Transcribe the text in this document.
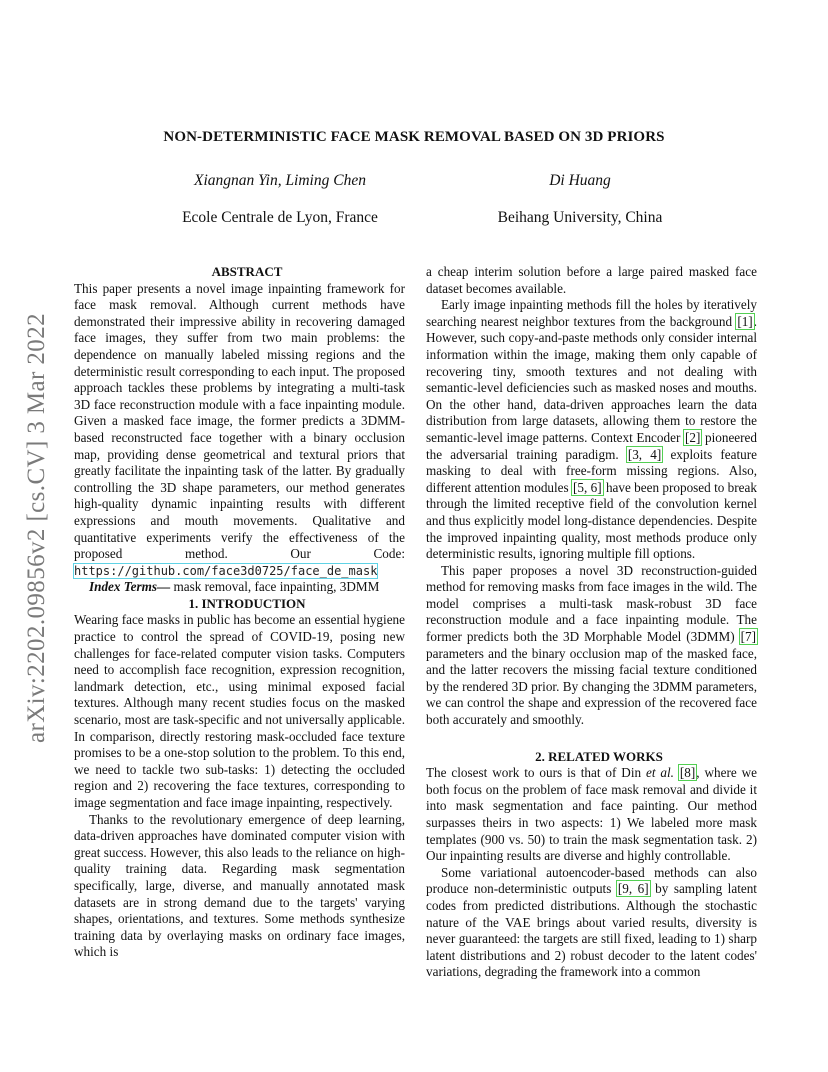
NON-DETERMINISTIC FACE MASK REMOVAL BASED ON 3D PRIORS
Xiangnan Yin, Liming Chen
Ecole Centrale de Lyon, France
Di Huang
Beihang University, China
arXiv:2202.09856v2 [cs.CV] 3 Mar 2022

ABSTRACT

This paper presents a novel image inpainting framework for face mask removal. Although current methods have demonstrated their impressive ability in recovering damaged face images, they suffer from two main problems: the dependence on manually labeled missing regions and the deterministic result corresponding to each input. The proposed approach tackles these problems by integrating a multi-task 3D face reconstruction module with a face inpainting module. Given a masked face image, the former predicts a 3DMM-based reconstructed face together with a binary occlusion map, providing dense geometrical and textural priors that greatly facilitate the inpainting task of the latter. By gradually controlling the 3D shape parameters, our method generates high-quality dynamic inpainting results with different expressions and mouth movements. Qualitative and quantitative experiments verify the effectiveness of the proposed method. Our Code: https://github.com/face3d0725/face_de_mask

Index Terms— mask removal, face inpainting, 3DMM

1. INTRODUCTION

Wearing face masks in public has become an essential hygiene practice to control the spread of COVID-19, posing new challenges for face-related computer vision tasks. Computers need to accomplish face recognition, expression recognition, landmark detection, etc., using minimal exposed facial textures. Although many recent studies focus on the masked scenario, most are task-specific and not universally applicable. In comparison, directly restoring mask-occluded face texture promises to be a one-stop solution to the problem. To this end, we need to tackle two sub-tasks: 1) detecting the occluded region and 2) recovering the face textures, corresponding to image segmentation and face image inpainting, respectively.

Thanks to the revolutionary emergence of deep learning, data-driven approaches have dominated computer vision with great success. However, this also leads to the reliance on high-quality training data. Regarding mask segmentation specifically, large, diverse, and manually annotated mask datasets are in strong demand due to the targets' varying shapes, orientations, and textures. Some methods synthesize training data by overlaying masks on ordinary face images, which is

a cheap interim solution before a large paired masked face dataset becomes available.

Early image inpainting methods fill the holes by iteratively searching nearest neighbor textures from the background [1]. However, such copy-and-paste methods only consider internal information within the image, making them only capable of recovering tiny, smooth textures and not dealing with semantic-level deficiencies such as masked noses and mouths. On the other hand, data-driven approaches learn the data distribution from large datasets, allowing them to restore the semantic-level image patterns. Context Encoder [2] pioneered the adversarial training paradigm. [3, 4] exploits feature masking to deal with free-form missing regions. Also, different attention modules [5, 6] have been proposed to break through the limited receptive field of the convolution kernel and thus explicitly model long-distance dependencies. Despite the improved inpainting quality, most methods produce only deterministic results, ignoring multiple fill options.

This paper proposes a novel 3D reconstruction-guided method for removing masks from face images in the wild. The model comprises a multi-task mask-robust 3D face reconstruction module and a face inpainting module. The former predicts both the 3D Morphable Model (3DMM) [7] parameters and the binary occlusion map of the masked face, and the latter recovers the missing facial texture conditioned by the rendered 3D prior. By changing the 3DMM parameters, we can control the shape and expression of the recovered face both accurately and smoothly.

2. RELATED WORKS

The closest work to ours is that of Din et al. [8], where we both focus on the problem of face mask removal and divide it into mask segmentation and face painting. Our method surpasses theirs in two aspects: 1) We labeled more mask templates (900 vs. 50) to train the mask segmentation task. 2) Our inpainting results are diverse and highly controllable.

Some variational autoencoder-based methods can also produce non-deterministic outputs [9, 6] by sampling latent codes from predicted distributions. Although the stochastic nature of the VAE brings about varied results, diversity is never guaranteed: the targets are still fixed, leading to 1) sharp latent distributions and 2) robust decoder to the latent codes' variations, degrading the framework into a common
